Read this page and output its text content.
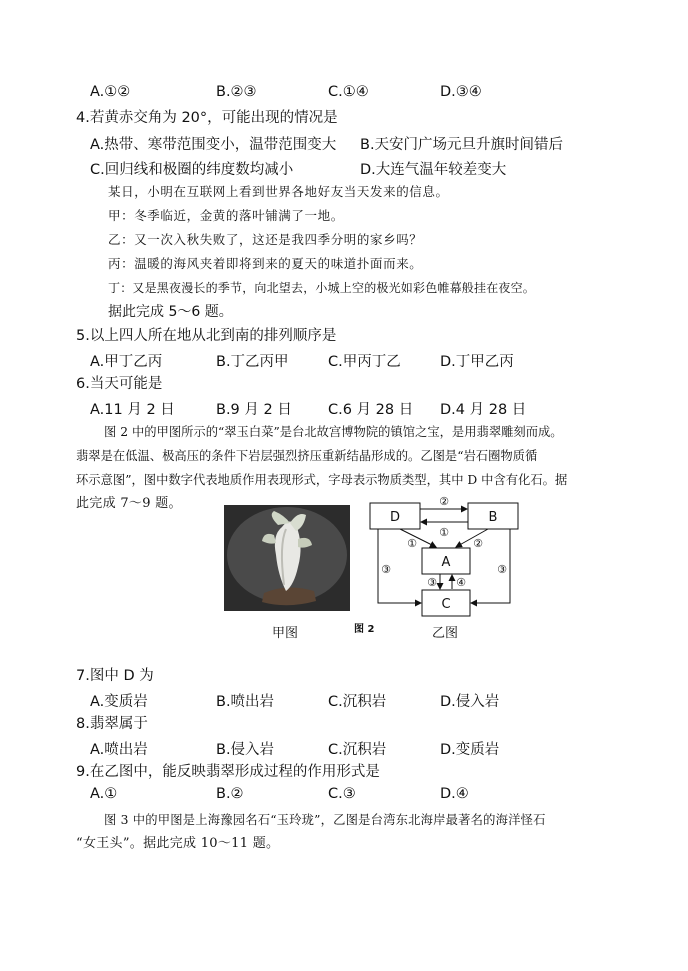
A.①②	B.②③	C.①④	D.③④
4.若黄赤交角为 20°，可能出现的情况是
A.热带、寒带范围变小，温带范围变大 B.天安门广场元旦升旗时间错后
C.回归线和极圈的纬度数均减小	D.大连气温年较差变大
某日，小明在互联网上看到世界各地好友当天发来的信息。
甲：冬季临近，金黄的落叶铺满了一地。
乙：又一次入秋失败了，这还是我四季分明的家乡吗？
丙：温暖的海风夹着即将到来的夏天的味道扑面而来。
丁：又是黑夜漫长的季节，向北望去，小城上空的极光如彩色帷幕般挂在夜空。
据此完成 5～6 题。
5.以上四人所在地从北到南的排列顺序是
A.甲丁乙丙	B.丁乙丙甲	C.甲丙丁乙	D.丁甲乙丙
6.当天可能是
A.11 月 2 日	B.9 月 2 日 C.6 月 28 日 D.4 月 28 日
图 2 中的甲图所示的“翠玉白菜”是台北故宫博物院的镇馆之宝，是用翡翠雕刻而成。
翡翠是在低温、极高压的条件下岩层强烈挤压重新结晶形成的。乙图是“岩石圈物质循
环示意图”，图中数字代表地质作用表现形式，字母表示物质类型，其中 D 中含有化石。据
此完成 7～9 题。
D	B
A
C
②
①
①	②
③	③
③ ④
甲图	图 2	乙图
7.图中 D 为
A.变质岩	B.喷出岩	C.沉积岩	D.侵入岩
8.翡翠属于
A.喷出岩	B.侵入岩	C.沉积岩	D.变质岩
9.在乙图中，能反映翡翠形成过程的作用形式是
A.①	B.②	C.③	D.④
图 3 中的甲图是上海豫园名石“玉玲珑”，乙图是台湾东北海岸最著名的海洋怪石
“女王头”。据此完成 10～11 题。
